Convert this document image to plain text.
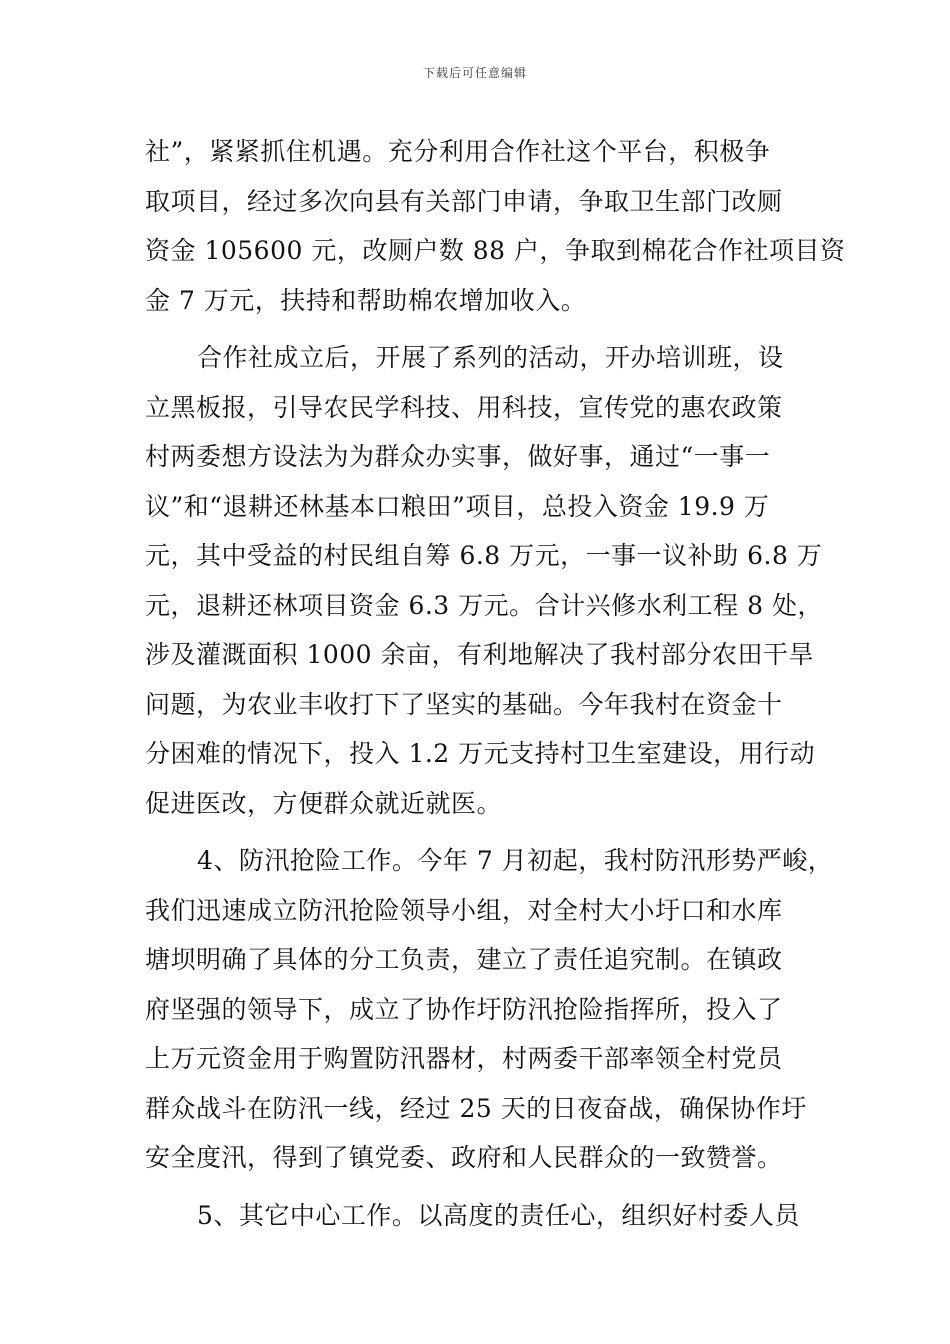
下载后可任意编辑
社”，紧紧抓住机遇。充分利用合作社这个平台，积极争
取项目，经过多次向县有关部门申请，争取卫生部门改厕
资金 105600 元，改厕户数 88 户，争取到棉花合作社项目资
金 7 万元，扶持和帮助棉农增加收入。
合作社成立后，开展了系列的活动，开办培训班，设
立黑板报，引导农民学科技、用科技，宣传党的惠农政策
村两委想方设法为为群众办实事，做好事，通过“一事一
议”和“退耕还林基本口粮田”项目，总投入资金 19.9 万
元，其中受益的村民组自筹 6.8 万元，一事一议补助 6.8 万
元，退耕还林项目资金 6.3 万元。合计兴修水利工程 8 处，
涉及灌溉面积 1000 余亩，有利地解决了我村部分农田干旱
问题，为农业丰收打下了坚实的基础。今年我村在资金十
分困难的情况下，投入 1.2 万元支持村卫生室建设，用行动
促进医改，方便群众就近就医。
4、防汛抢险工作。今年 7 月初起，我村防汛形势严峻，
我们迅速成立防汛抢险领导小组，对全村大小圩口和水库
塘坝明确了具体的分工负责，建立了责任追究制。在镇政
府坚强的领导下，成立了协作圩防汛抢险指挥所，投入了
上万元资金用于购置防汛器材，村两委干部率领全村党员
群众战斗在防汛一线，经过 25 天的日夜奋战，确保协作圩
安全度汛，得到了镇党委、政府和人民群众的一致赞誉。
5、其它中心工作。以高度的责任心，组织好村委人员
